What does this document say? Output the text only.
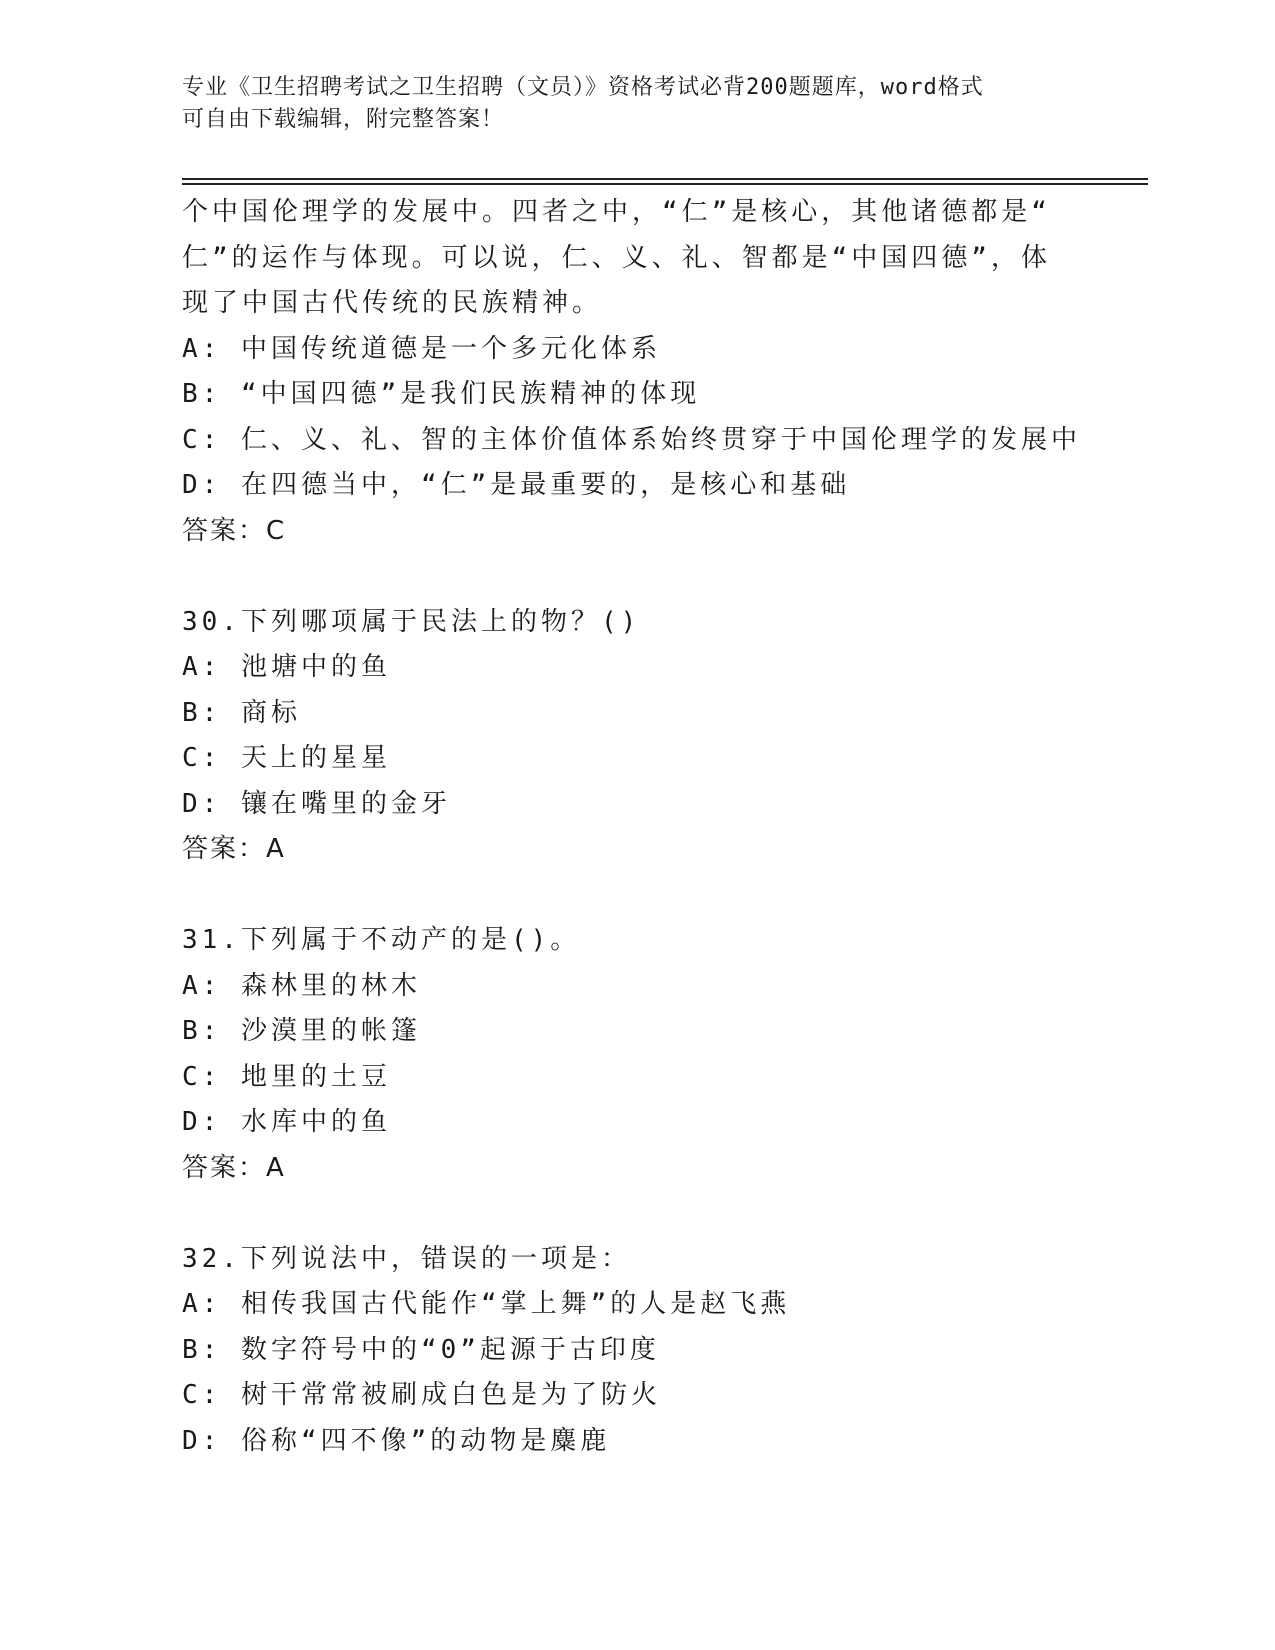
专业《卫生招聘考试之卫生招聘（文员）》资格考试必背200题题库，word格式
可自由下载编辑，附完整答案！
个中国伦理学的发展中。四者之中，“仁”是核心，其他诸德都是“
仁”的运作与体现。可以说，仁、义、礼、智都是“中国四德”，体
现了中国古代传统的民族精神。
A: 中国传统道德是一个多元化体系
B: “中国四德”是我们民族精神的体现
C: 仁、义、礼、智的主体价值体系始终贯穿于中国伦理学的发展中
D: 在四德当中，“仁”是最重要的，是核心和基础
答案：C
30.下列哪项属于民法上的物？()
A: 池塘中的鱼
B: 商标
C: 天上的星星
D: 镶在嘴里的金牙
答案：A
31.下列属于不动产的是()。
A: 森林里的林木
B: 沙漠里的帐篷
C: 地里的土豆
D: 水库中的鱼
答案：A
32.下列说法中，错误的一项是：
A: 相传我国古代能作“掌上舞”的人是赵飞燕
B: 数字符号中的“0”起源于古印度
C: 树干常常被刷成白色是为了防火
D: 俗称“四不像”的动物是麋鹿
